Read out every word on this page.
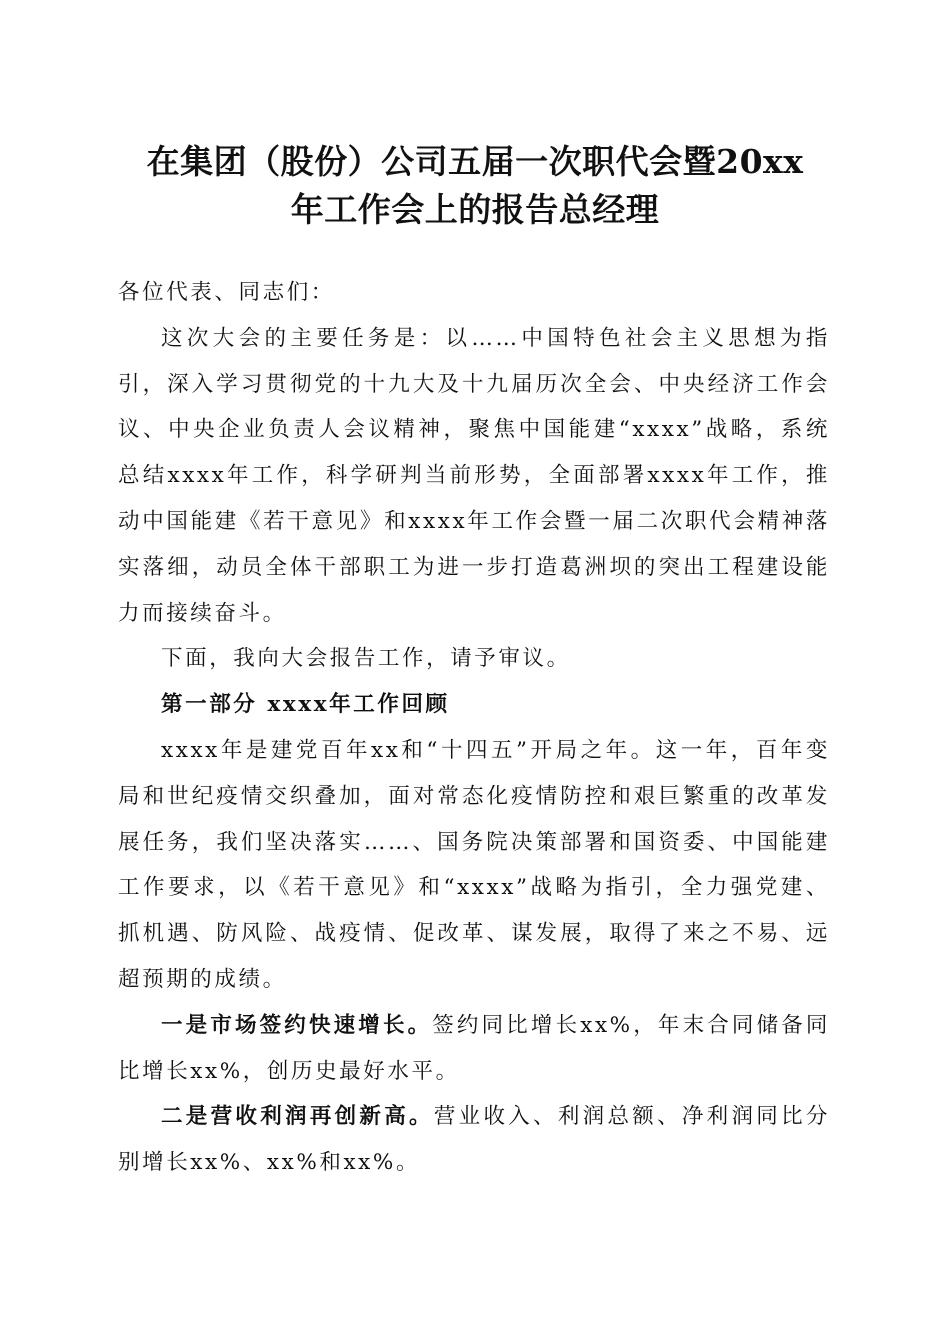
在集团（股份）公司五届一次职代会暨20xx
年工作会上的报告总经理

各位代表、同志们：

这次大会的主要任务是：以……中国特色社会主义思想为指引，深入学习贯彻党的十九大及十九届历次全会、中央经济工作会议、中央企业负责人会议精神，聚焦中国能建“xxxx”战略，系统总结xxxx年工作，科学研判当前形势，全面部署xxxx年工作，推动中国能建《若干意见》和xxxx年工作会暨一届二次职代会精神落实落细，动员全体干部职工为进一步打造葛洲坝的突出工程建设能力而接续奋斗。

下面，我向大会报告工作，请予审议。

第一部分 xxxx年工作回顾

xxxx年是建党百年xx和“十四五”开局之年。这一年，百年变局和世纪疫情交织叠加，面对常态化疫情防控和艰巨繁重的改革发展任务，我们坚决落实……、国务院决策部署和国资委、中国能建工作要求，以《若干意见》和“xxxx”战略为指引，全力强党建、抓机遇、防风险、战疫情、促改革、谋发展，取得了来之不易、远超预期的成绩。

一是市场签约快速增长。签约同比增长xx%，年末合同储备同比增长xx%，创历史最好水平。

二是营收利润再创新高。营业收入、利润总额、净利润同比分别增长xx%、xx%和xx%。
